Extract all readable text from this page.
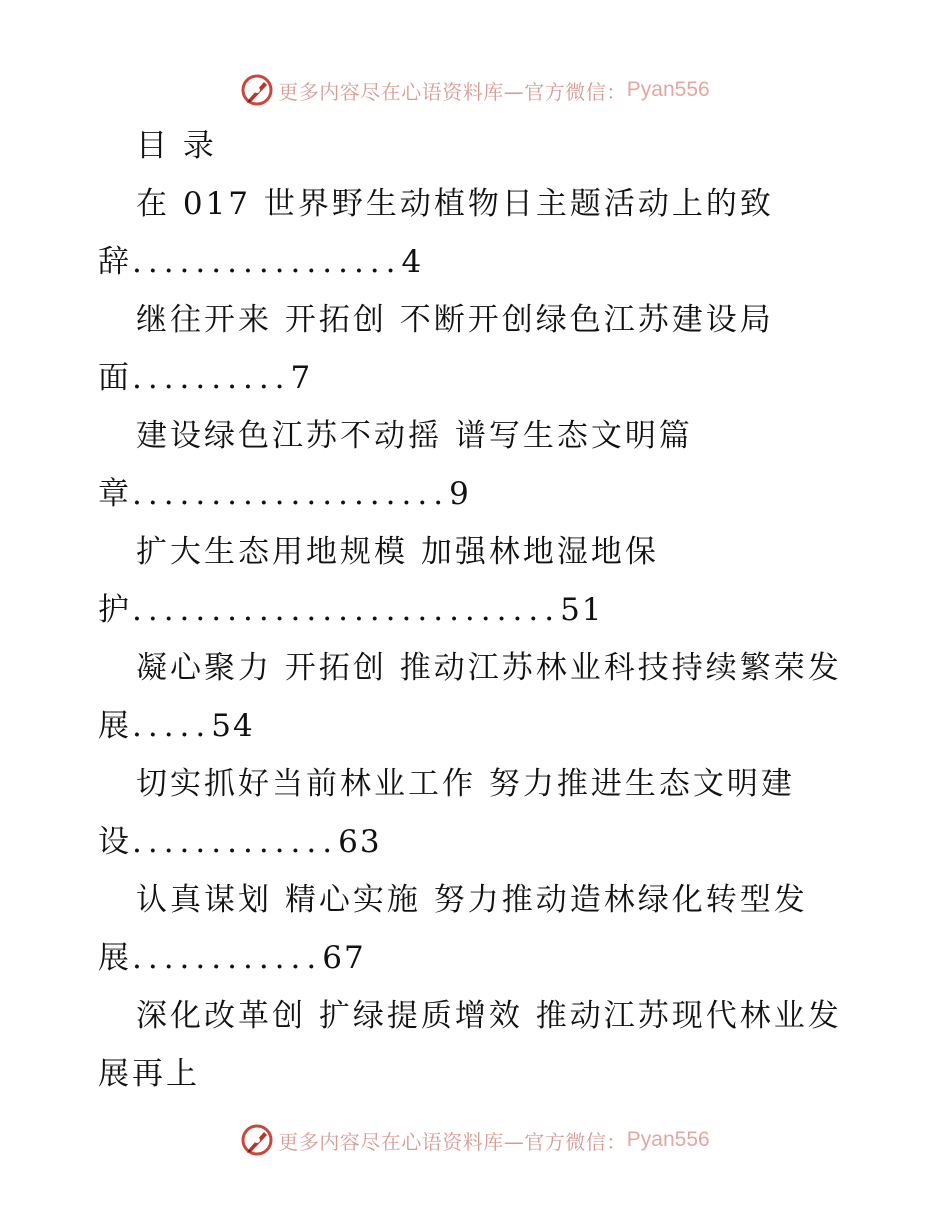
更多内容尽在心语资料库—官方微信： Pyan556
目 录
在 017 世界野生动植物日主题活动上的致
辞.................4
继往开来 开拓创 不断开创绿色江苏建设局
面..........7
建设绿色江苏不动摇 谱写生态文明篇
章....................9
扩大生态用地规模 加强林地湿地保
护...........................51
凝心聚力 开拓创 推动江苏林业科技持续繁荣发
展.....54
切实抓好当前林业工作 努力推进生态文明建
设.............63
认真谋划 精心实施 努力推动造林绿化转型发
展............67
深化改革创 扩绿提质增效 推动江苏现代林业发
展再上
更多内容尽在心语资料库—官方微信： Pyan556
